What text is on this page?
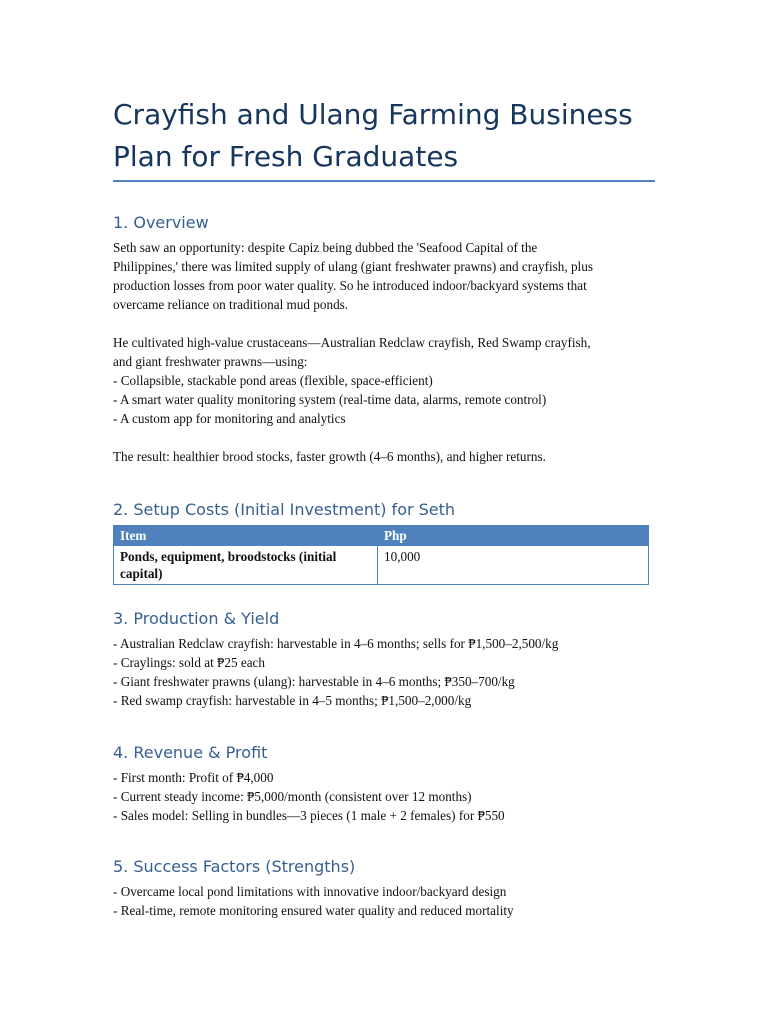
Crayfish and Ulang Farming Business
Plan for Fresh Graduates
1. Overview

Seth saw an opportunity: despite Capiz being dubbed the 'Seafood Capital of the
Philippines,' there was limited supply of ulang (giant freshwater prawns) and crayfish, plus
production losses from poor water quality. So he introduced indoor/backyard systems that
overcame reliance on traditional mud ponds.

He cultivated high-value crustaceans—Australian Redclaw crayfish, Red Swamp crayfish,
and giant freshwater prawns—using:
- Collapsible, stackable pond areas (flexible, space-efficient)
- A smart water quality monitoring system (real-time data, alarms, remote control)
- A custom app for monitoring and analytics

The result: healthier brood stocks, faster growth (4–6 months), and higher returns.

2. Setup Costs (Initial Investment) for Seth
Item	Php
Ponds, equipment, broodstocks (initial capital)	10,000
3. Production & Yield

- Australian Redclaw crayfish: harvestable in 4–6 months; sells for ₱1,500–2,500/kg
- Craylings: sold at ₱25 each
- Giant freshwater prawns (ulang): harvestable in 4–6 months; ₱350–700/kg
- Red swamp crayfish: harvestable in 4–5 months; ₱1,500–2,000/kg

4. Revenue & Profit

- First month: Profit of ₱4,000
- Current steady income: ₱5,000/month (consistent over 12 months)
- Sales model: Selling in bundles—3 pieces (1 male + 2 females) for ₱550

5. Success Factors (Strengths)

- Overcame local pond limitations with innovative indoor/backyard design
- Real-time, remote monitoring ensured water quality and reduced mortality
